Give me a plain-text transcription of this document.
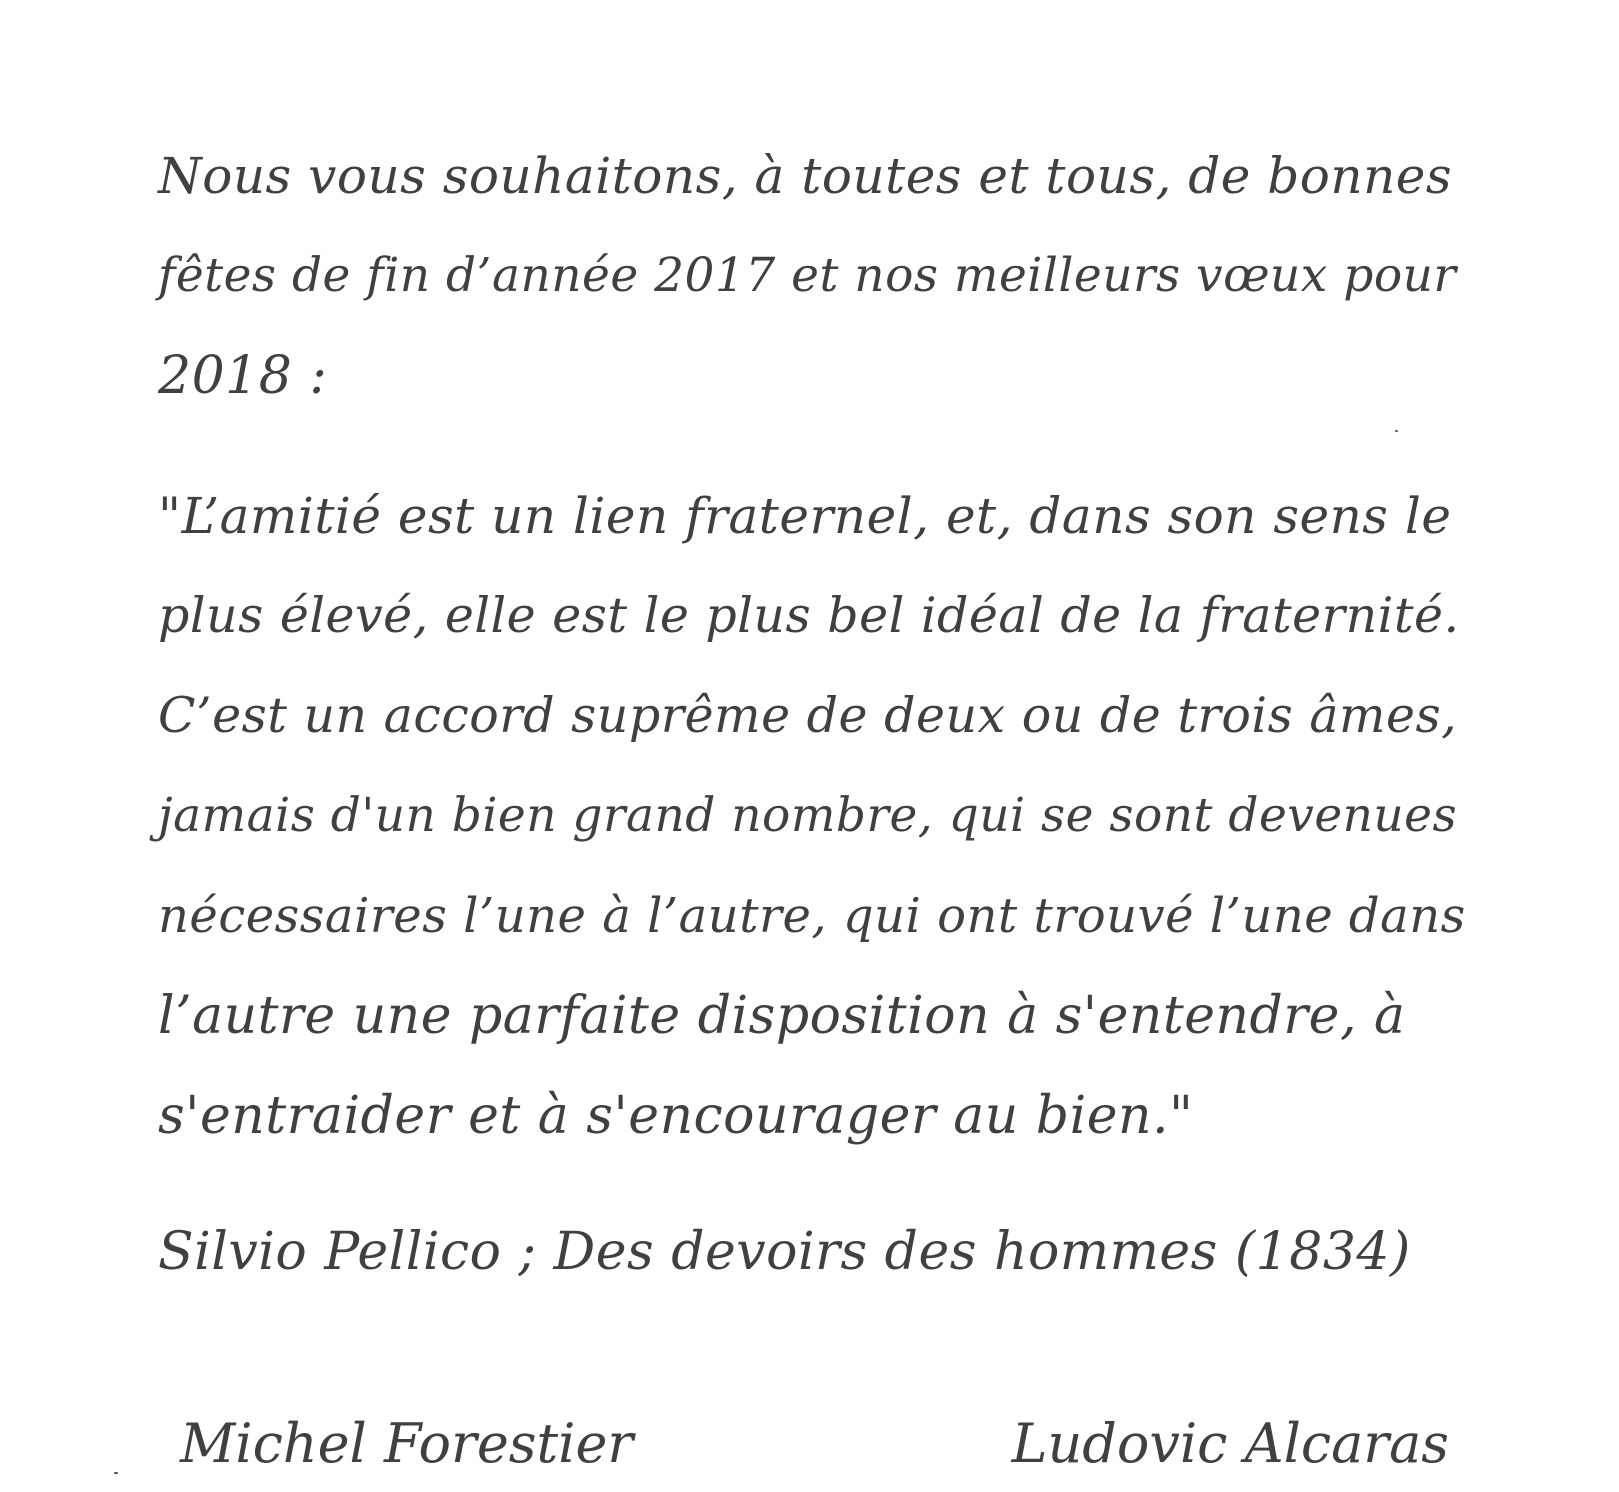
Nous vous souhaitons, à toutes et tous, de bonnes
fêtes de fin d’année 2017 et nos meilleurs vœux pour
2018 :
"L’amitié est un lien fraternel, et, dans son sens le
plus élevé, elle est le plus bel idéal de la fraternité.
C’est un accord suprême de deux ou de trois âmes,
jamais d'un bien grand nombre, qui se sont devenues
nécessaires l’une à l’autre, qui ont trouvé l’une dans
l’autre une parfaite disposition à s'entendre, à
s'entraider et à s'encourager au bien."
Silvio Pellico ; Des devoirs des hommes (1834)
Michel Forestier	Ludovic Alcaras
